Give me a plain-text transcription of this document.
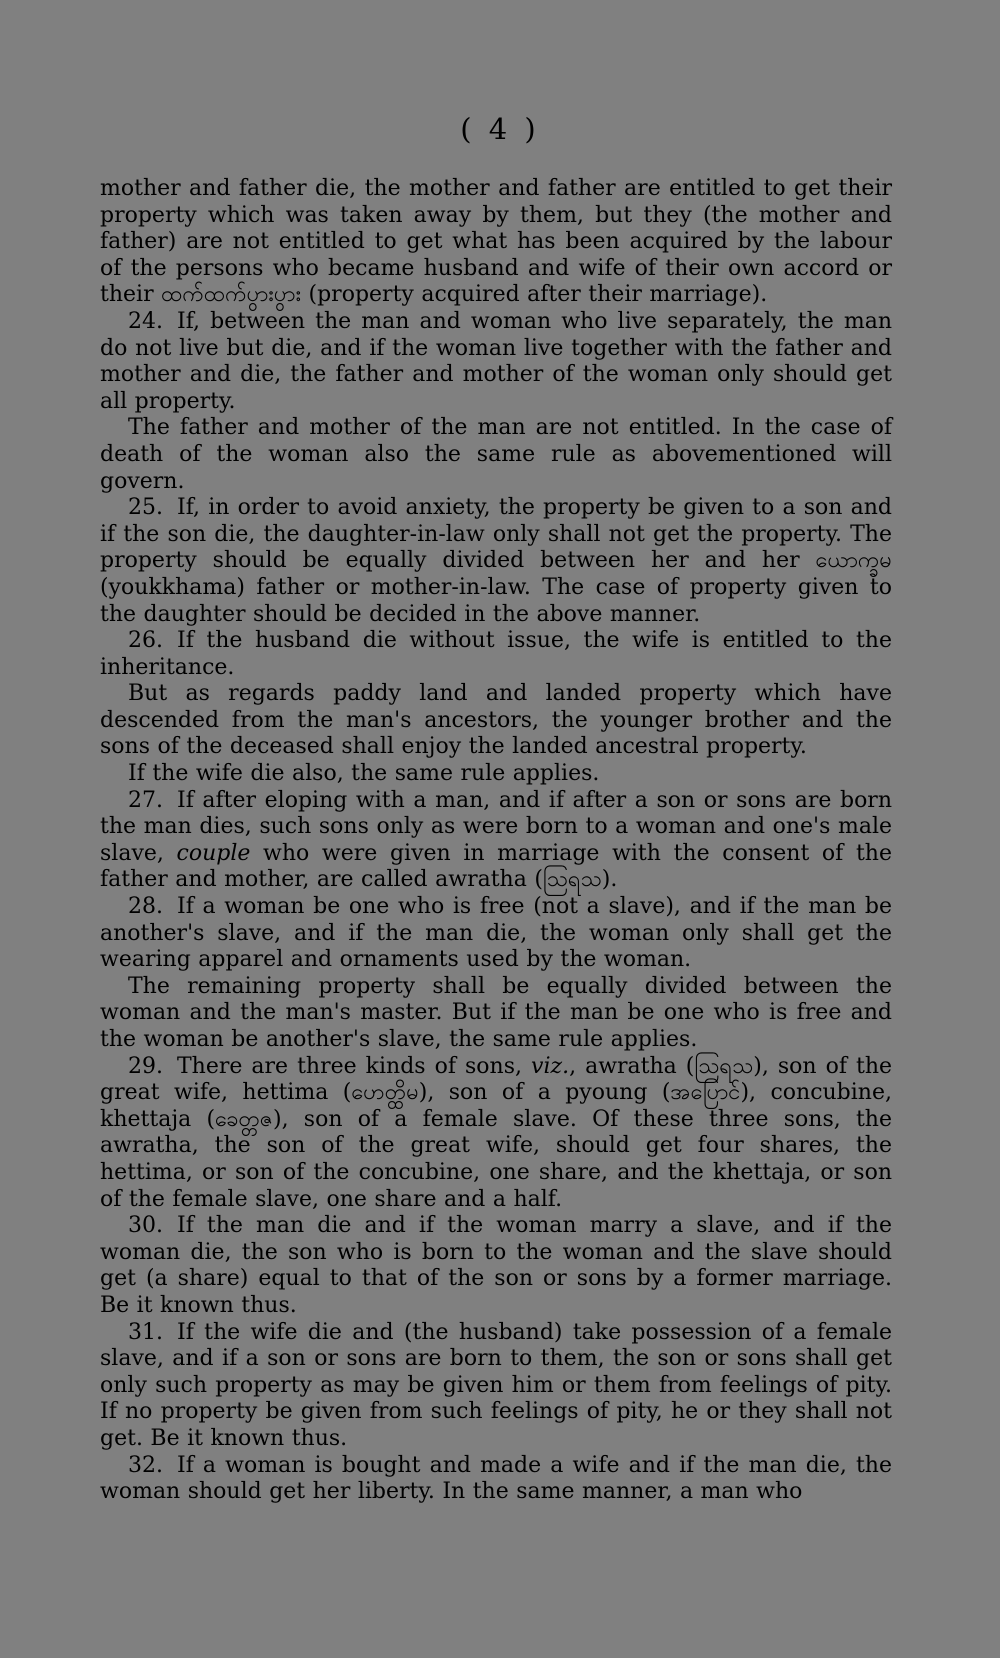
( 4 )

mother and father die, the mother and father are entitled to get their property which was taken away by them, but they (the mother and father) are not entitled to get what has been acquired by the labour of the persons who became husband and wife of their own accord or their ထက်ထက်ပွားပွား (property acquired after their marriage).

24. If, between the man and woman who live separately, the man do not live but die, and if the woman live together with the father and mother and die, the father and mother of the woman only should get all property.

The father and mother of the man are not entitled. In the case of death of the woman also the same rule as abovementioned will govern.

25. If, in order to avoid anxiety, the property be given to a son and if the son die, the daughter-in-law only shall not get the property. The property should be equally divided between her and her ယောက္ခမ (youkkhama) father or mother-in-law. The case of property given to the daughter should be decided in the above manner.

26. If the husband die without issue, the wife is entitled to the inheritance.

But as regards paddy land and landed property which have descended from the man's ancestors, the younger brother and the sons of the deceased shall enjoy the landed ancestral property.

If the wife die also, the same rule applies.

27. If after eloping with a man, and if after a son or sons are born the man dies, such sons only as were born to a woman and one's male slave, couple who were given in marriage with the consent of the father and mother, are called awratha (ဩရသ).

28. If a woman be one who is free (not a slave), and if the man be another's slave, and if the man die, the woman only shall get the wearing apparel and ornaments used by the woman.

The remaining property shall be equally divided between the woman and the man's master. But if the man be one who is free and the woman be another's slave, the same rule applies.

29. There are three kinds of sons, viz., awratha (ဩရသ), son of the great wife, hettima (ဟေတ္ထိမ), son of a pyoung (အပြောင်), concubine, khettaja (ခေတ္တဇ), son of a female slave. Of these three sons, the awratha, the son of the great wife, should get four shares, the hettima, or son of the concubine, one share, and the khettaja, or son of the female slave, one share and a half.

30. If the man die and if the woman marry a slave, and if the woman die, the son who is born to the woman and the slave should get (a share) equal to that of the son or sons by a former marriage. Be it known thus.

31. If the wife die and (the husband) take possession of a female slave, and if a son or sons are born to them, the son or sons shall get only such property as may be given him or them from feelings of pity. If no property be given from such feelings of pity, he or they shall not get. Be it known thus.

32. If a woman is bought and made a wife and if the man die, the woman should get her liberty. In the same manner, a man who
